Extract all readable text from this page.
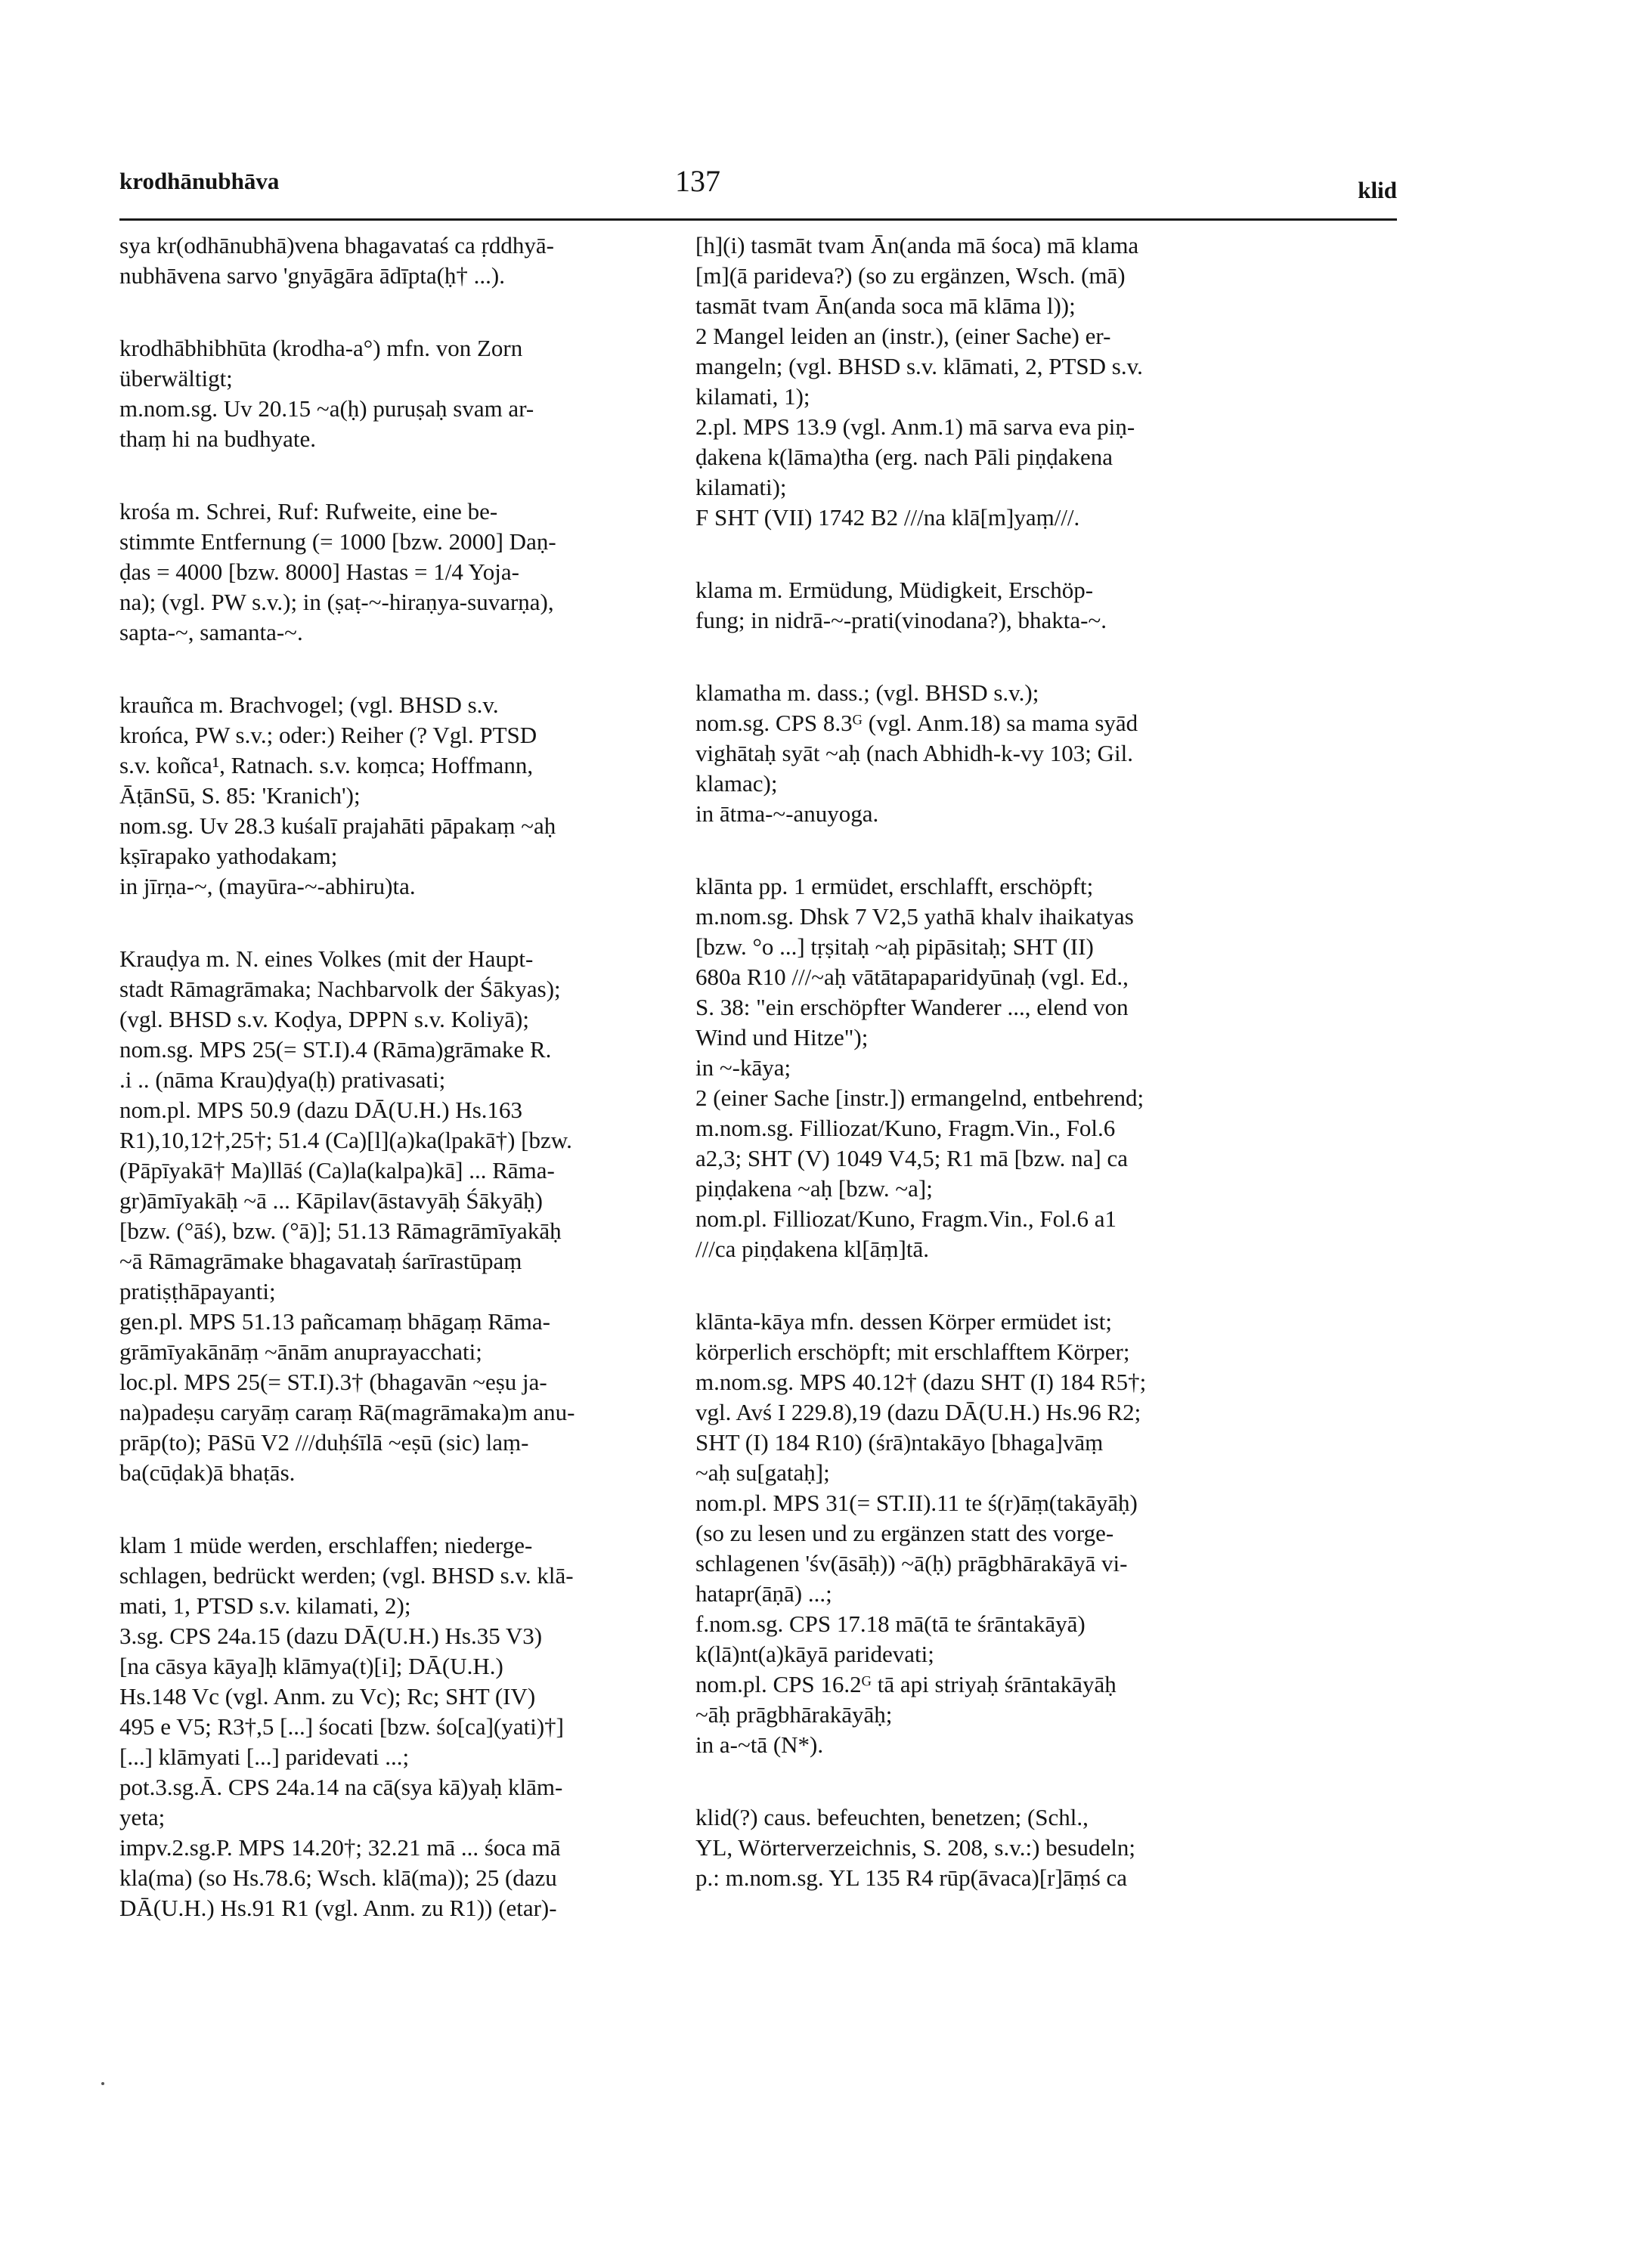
krodhānubhāva	137	klid
sya kr(odhānubhā)vena bhagavataś ca ṛddhyā-
nubhāvena sarvo 'gnyāgāra ādīpta(ḥ† ...).
krodhābhibhūta (krodha-a°) mfn. von Zorn
überwältigt;
m.nom.sg. Uv 20.15 ~a(ḥ) puruṣaḥ svam ar-
thaṃ hi na budhyate.
krośa m. Schrei, Ruf: Rufweite, eine be-
stimmte Entfernung (= 1000 [bzw. 2000] Daṇ-
ḍas = 4000 [bzw. 8000] Hastas = 1/4 Yoja-
na); (vgl. PW s.v.); in (ṣaṭ-~-hiraṇya-suvarṇa),
sapta-~, samanta-~.
krauñca m. Brachvogel; (vgl. BHSD s.v.
krońca, PW s.v.; oder:) Reiher (? Vgl. PTSD
s.v. koñca¹, Ratnach. s.v. koṃca; Hoffmann,
ĀṭānSū, S. 85: 'Kranich');
nom.sg. Uv 28.3 kuśalī prajahāti pāpakaṃ ~aḥ
kṣīrapako yathodakam;
in jīrṇa-~, (mayūra-~-abhiru)ta.
Krauḍya m. N. eines Volkes (mit der Haupt-
stadt Rāmagrāmaka; Nachbarvolk der Śākyas);
(vgl. BHSD s.v. Koḍya, DPPN s.v. Koliyā);
nom.sg. MPS 25(= ST.I).4 (Rāma)grāmake R.
.i .. (nāma Krau)ḍya(ḥ) prativasati;
nom.pl. MPS 50.9 (dazu DĀ(U.H.) Hs.163
R1),10,12†,25†; 51.4 (Ca)[l](a)ka(lpakā†) [bzw.
(Pāpīyakā† Ma)llāś (Ca)la(kalpa)kā] ... Rāma-
gr)āmīyakāḥ ~ā ... Kāpilav(āstavyāḥ Śākyāḥ)
[bzw. (°āś), bzw. (°ā)]; 51.13 Rāmagrāmīyakāḥ
~ā Rāmagrāmake bhagavataḥ śarīrastūpaṃ
pratiṣṭhāpayanti;
gen.pl. MPS 51.13 pañcamaṃ bhāgaṃ Rāma-
grāmīyakānāṃ ~ānām anuprayacchati;
loc.pl. MPS 25(= ST.I).3† (bhagavān ~eṣu ja-
na)padeṣu caryāṃ caraṃ Rā(magrāmaka)m anu-
prāp(to); PāSū V2 ///duḥśīlā ~eṣū (sic) laṃ-
ba(cūḍak)ā bhaṭās.
klam 1 müde werden, erschlaffen; niederge-
schlagen, bedrückt werden; (vgl. BHSD s.v. klā-
mati, 1, PTSD s.v. kilamati, 2);
3.sg. CPS 24a.15 (dazu DĀ(U.H.) Hs.35 V3)
[na cāsya kāya]ḥ klāmya(t)[i]; DĀ(U.H.)
Hs.148 Vc (vgl. Anm. zu Vc); Rc; SHT (IV)
495 e V5; R3†,5 [...] śocati [bzw. śo[ca](yati)†]
[...] klāmyati [...] paridevati ...;
pot.3.sg.Ā. CPS 24a.14 na cā(sya kā)yaḥ klām-
yeta;
impv.2.sg.P. MPS 14.20†; 32.21 mā ... śoca mā
kla(ma) (so Hs.78.6; Wsch. klā(ma)); 25 (dazu
DĀ(U.H.) Hs.91 R1 (vgl. Anm. zu R1)) (etar)-
[h](i) tasmāt tvam Ān(anda mā śoca) mā klama
[m](ā parideva?) (so zu ergänzen, Wsch. (mā)
tasmāt tvam Ān(anda soca mā klāma l));
2 Mangel leiden an (instr.), (einer Sache) er-
mangeln; (vgl. BHSD s.v. klāmati, 2, PTSD s.v.
kilamati, 1);
2.pl. MPS 13.9 (vgl. Anm.1) mā sarva eva piṇ-
ḍakena k(lāma)tha (erg. nach Pāli piṇḍakena
kilamati);
F SHT (VII) 1742 B2 ///na klā[m]yaṃ///.
klama m. Ermüdung, Müdigkeit, Erschöp-
fung; in nidrā-~-prati(vinodana?), bhakta-~.
klamatha m. dass.; (vgl. BHSD s.v.);
nom.sg. CPS 8.3ᴳ (vgl. Anm.18) sa mama syād
vighātaḥ syāt ~aḥ (nach Abhidh-k-vy 103; Gil.
klamac);
in ātma-~-anuyoga.
klānta pp. 1 ermüdet, erschlafft, erschöpft;
m.nom.sg. Dhsk 7 V2,5 yathā khalv ihaikatyas
[bzw. °o ...] tṛṣitaḥ ~aḥ pipāsitaḥ; SHT (II)
680a R10 ///~aḥ vātātapaparidyūnaḥ (vgl. Ed.,
S. 38: "ein erschöpfter Wanderer ..., elend von
Wind und Hitze");
in ~-kāya;
2 (einer Sache [instr.]) ermangelnd, entbehrend;
m.nom.sg. Filliozat/Kuno, Fragm.Vin., Fol.6
a2,3; SHT (V) 1049 V4,5; R1 mā [bzw. na] ca
piṇḍakena ~aḥ [bzw. ~a];
nom.pl. Filliozat/Kuno, Fragm.Vin., Fol.6 a1
///ca piṇḍakena kl[āṃ]tā.
klānta-kāya mfn. dessen Körper ermüdet ist;
körperlich erschöpft; mit erschlafftem Körper;
m.nom.sg. MPS 40.12† (dazu SHT (I) 184 R5†;
vgl. Avś I 229.8),19 (dazu DĀ(U.H.) Hs.96 R2;
SHT (I) 184 R10) (śrā)ntakāyo [bhaga]vāṃ
~aḥ su[gataḥ];
nom.pl. MPS 31(= ST.II).11 te ś(r)āṃ(takāyāḥ)
(so zu lesen und zu ergänzen statt des vorge-
schlagenen 'śv(āsāḥ)) ~ā(ḥ) prāgbhārakāyā vi-
hatapr(āṇā) ...;
f.nom.sg. CPS 17.18 mā(tā te śrāntakāyā)
k(lā)nt(a)kāyā paridevati;
nom.pl. CPS 16.2ᴳ tā api striyaḥ śrāntakāyāḥ
~āḥ prāgbhārakāyāḥ;
in a-~tā (N*).
klid(?) caus. befeuchten, benetzen; (Schl.,
YL, Wörterverzeichnis, S. 208, s.v.:) besudeln;
p.: m.nom.sg. YL 135 R4 rūp(āvaca)[r]āṃś ca
